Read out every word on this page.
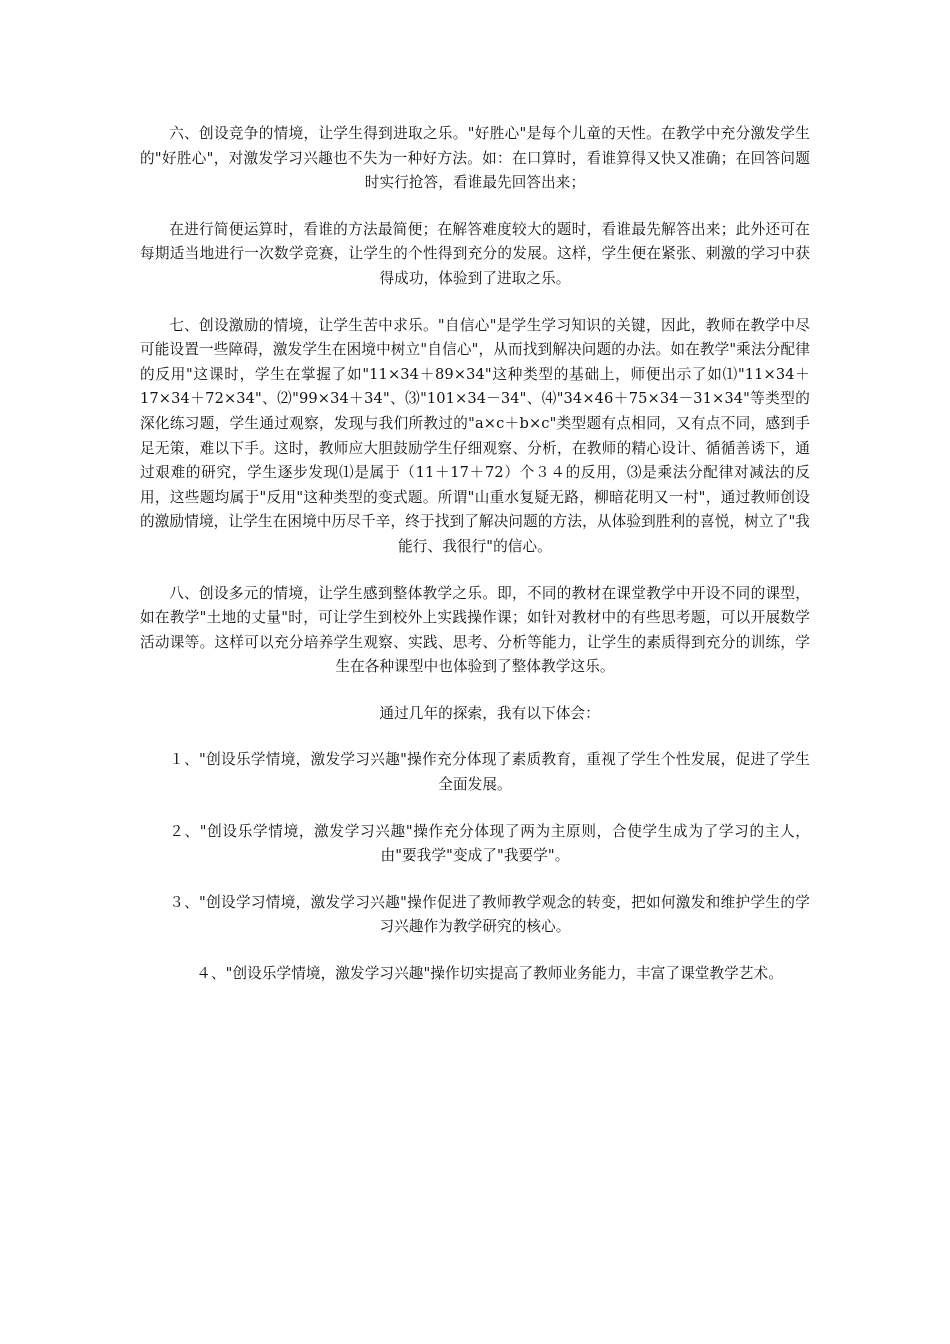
六、创设竞争的情境，让学生得到进取之乐。"好胜心"是每个儿童的天性。在教学中充分激发学生的"好胜心"，对激发学习兴趣也不失为一种好方法。如：在口算时，看谁算得又快又准确；在回答问题时实行抢答，看谁最先回答出来；

在进行简便运算时，看谁的方法最简便；在解答难度较大的题时，看谁最先解答出来；此外还可在每期适当地进行一次数学竞赛，让学生的个性得到充分的发展。这样，学生便在紧张、刺激的学习中获得成功，体验到了进取之乐。

七、创设激励的情境，让学生苦中求乐。"自信心"是学生学习知识的关键，因此，教师在教学中尽可能设置一些障碍，激发学生在困境中树立"自信心"，从而找到解决问题的办法。如在教学"乘法分配律的反用"这课时，学生在掌握了如"11×34＋89×34"这种类型的基础上，师便出示了如⑴"11×34＋17×34＋72×34"、⑵"99×34＋34"、⑶"101×34－34"、⑷"34×46＋75×34－31×34"等类型的深化练习题，学生通过观察，发现与我们所教过的"a×c＋b×c"类型题有点相同，又有点不同，感到手足无策，难以下手。这时，教师应大胆鼓励学生仔细观察、分析，在教师的精心设计、循循善诱下，通过艰难的研究，学生逐步发现⑴是属于（11＋17＋72）个３４的反用，⑶是乘法分配律对减法的反用，这些题均属于"反用"这种类型的变式题。所谓"山重水复疑无路，柳暗花明又一村"，通过教师创设的激励情境，让学生在困境中历尽千辛，终于找到了解决问题的方法，从体验到胜利的喜悦，树立了"我能行、我很行"的信心。

八、创设多元的情境，让学生感到整体教学之乐。即，不同的教材在课堂教学中开设不同的课型，如在教学"土地的丈量"时，可让学生到校外上实践操作课；如针对教材中的有些思考题，可以开展数学活动课等。这样可以充分培养学生观察、实践、思考、分析等能力，让学生的素质得到充分的训练，学生在各种课型中也体验到了整体教学这乐。

通过几年的探索，我有以下体会：

１、"创设乐学情境，激发学习兴趣"操作充分体现了素质教育，重视了学生个性发展，促进了学生全面发展。

２、"创设乐学情境，激发学习兴趣"操作充分体现了两为主原则，合使学生成为了学习的主人，由"要我学"变成了"我要学"。

３、"创设学习情境，激发学习兴趣"操作促进了教师教学观念的转变，把如何激发和维护学生的学习兴趣作为教学研究的核心。

４、"创设乐学情境，激发学习兴趣"操作切实提高了教师业务能力，丰富了课堂教学艺术。
